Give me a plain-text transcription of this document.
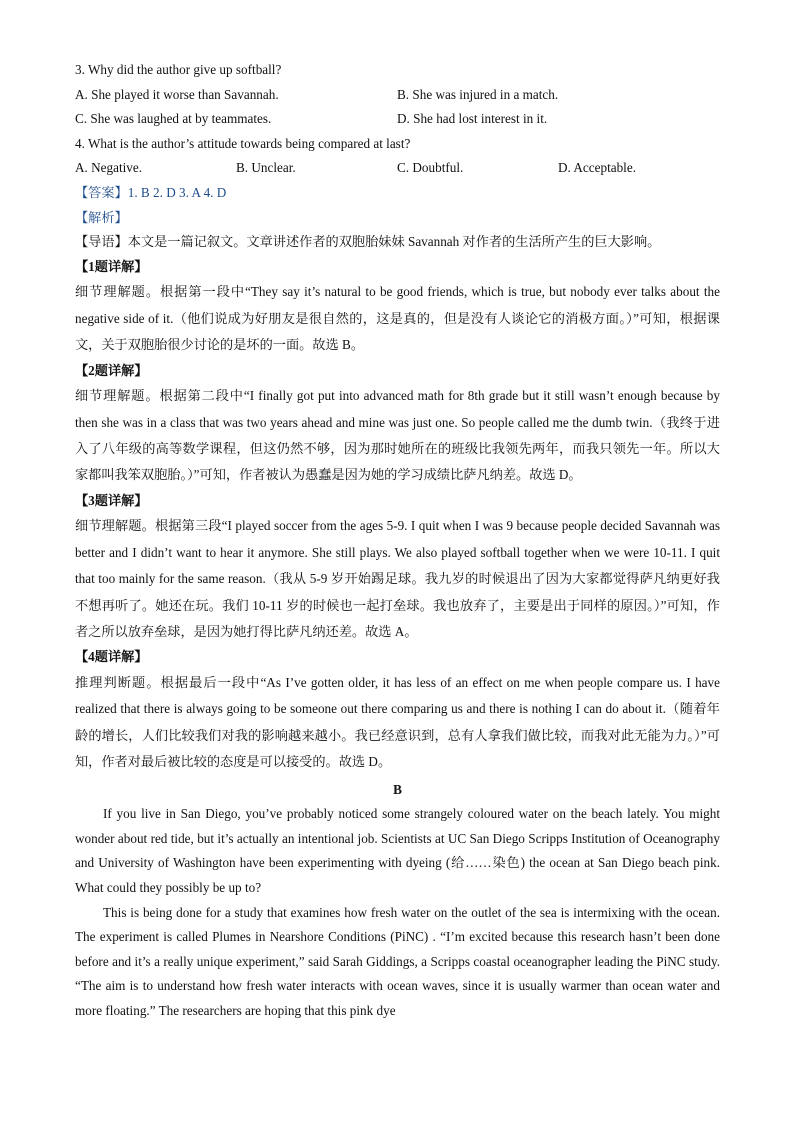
3. Why did the author give up softball?
A. She played it worse than Savannah.	B. She was injured in a match.
C. She was laughed at by teammates.	D. She had lost interest in it.
4. What is the author’s attitude towards being compared at last?
A. Negative.	B. Unclear.	C. Doubtful.	D. Acceptable.
【答案】1. B 2. D 3. A 4. D
【解析】
【导语】本文是一篇记叙文。文章讲述作者的双胞胎妹妹 Savannah 对作者的生活所产生的巨大影响。
【1题详解】
细节理解题。根据第一段中“They say it’s natural to be good friends, which is true, but nobody ever talks about the negative side of it.（他们说成为好朋友是很自然的，这是真的，但是没有人谈论它的消极方面。）”可知，根据课文，关于双胞胎很少讨论的是坏的一面。故选 B。
【2题详解】
细节理解题。根据第二段中“I finally got put into advanced math for 8th grade but it still wasn’t enough because by then she was in a class that was two years ahead and mine was just one. So people called me the dumb twin.（我终于进入了八年级的高等数学课程，但这仍然不够，因为那时她所在的班级比我领先两年，而我只领先一年。所以大家都叫我笨双胞胎。）”可知，作者被认为愚蠢是因为她的学习成绩比萨凡纳差。故选 D。
【3题详解】
细节理解题。根据第三段“I played soccer from the ages 5-9. I quit when I was 9 because people decided Savannah was better and I didn’t want to hear it anymore. She still plays. We also played softball together when we were 10-11. I quit that too mainly for the same reason.（我从 5-9 岁开始踢足球。我九岁的时候退出了因为大家都觉得萨凡纳更好我不想再听了。她还在玩。我们 10-11 岁的时候也一起打垒球。我也放弃了，主要是出于同样的原因。）”可知，作者之所以放弃垒球，是因为她打得比萨凡纳还差。故选 A。
【4题详解】
推理判断题。根据最后一段中“As I’ve gotten older, it has less of an effect on me when people compare us. I have realized that there is always going to be someone out there comparing us and there is nothing I can do about it.（随着年龄的增长，人们比较我们对我的影响越来越小。我已经意识到，总有人拿我们做比较，而我对此无能为力。）”可知，作者对最后被比较的态度是可以接受的。故选 D。
B
If you live in San Diego, you’ve probably noticed some strangely coloured water on the beach lately. You might wonder about red tide, but it’s actually an intentional job. Scientists at UC San Diego Scripps Institution of Oceanography and University of Washington have been experimenting with dyeing (给……染色) the ocean at San Diego beach pink. What could they possibly be up to?
This is being done for a study that examines how fresh water on the outlet of the sea is intermixing with the ocean. The experiment is called Plumes in Nearshore Conditions (PiNC) . “I’m excited because this research hasn’t been done before and it’s a really unique experiment,” said Sarah Giddings, a Scripps coastal oceanographer leading the PiNC study. “The aim is to understand how fresh water interacts with ocean waves, since it is usually warmer than ocean water and more floating.” The researchers are hoping that this pink dye
